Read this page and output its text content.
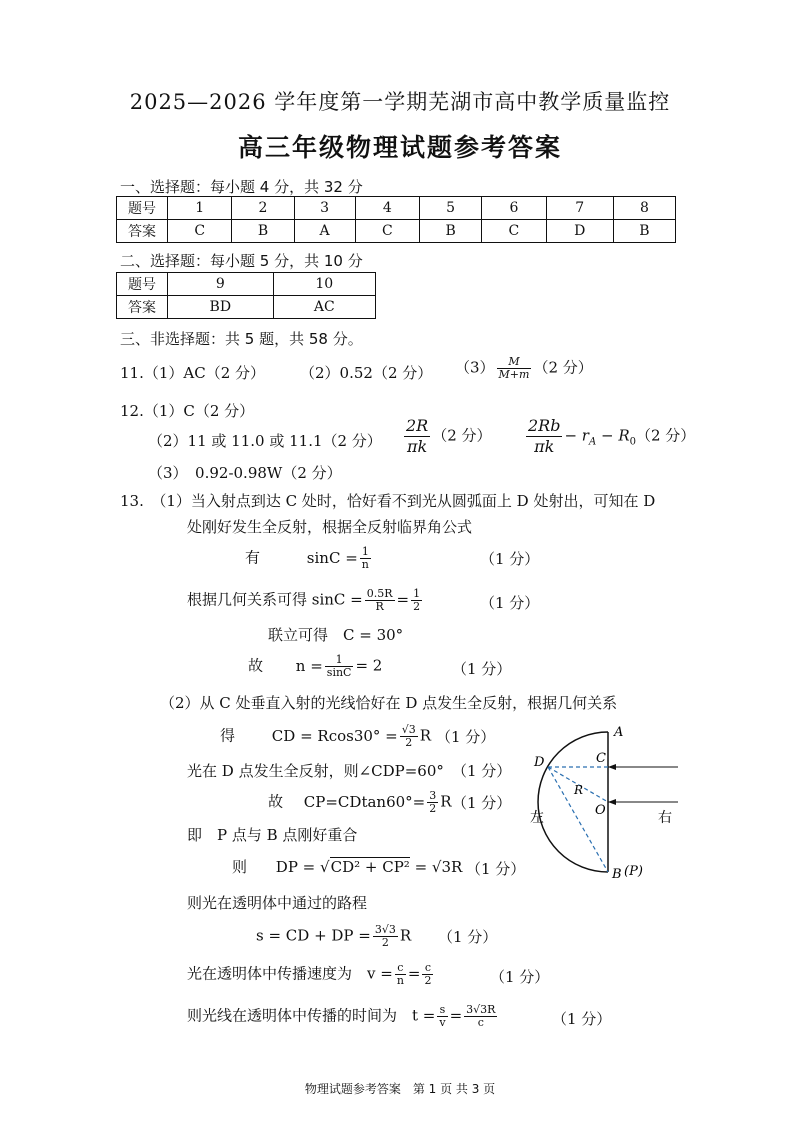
2025—2026 学年度第一学期芜湖市高中教学质量监控
高三年级物理试题参考答案
一、选择题：每小题 4 分，共 32 分
题号	1	2	3	4	5	6	7	8
答案	C	B	A	C	B	C	D	B
二、选择题：每小题 5 分，共 10 分
题号	9	10
答案	BD	AC
三、非选择题：共 5 题，共 58 分。
11.（1）AC（2 分） （2）0.52（2 分） $(3) \frac{M}{M+m} (2$ 分）
12.（1）C（2 分）
（2）11 或 11.0 或 11.1（2 分） $\frac{2R}{\pi k} (2$ 分） $\frac{2Rb}{\pi k} - r_A - R_0(2$ 分）
（3）　0.92-0.98W（2 分）
13.　（1）当入射点到达 C 处时，恰好看不到光从圆弧面上 D 处射出，可知在 D
处刚好发生全反射，根据全反射临界角公式
有	$\sin C = \frac{1}{n}$	（1 分）
根据几何关系可得 $\sin C = \frac{0.5R}{R} = \frac{1}{2}$	（1 分）
联立可得　C = 30°
故 $n = \frac{1}{\sin C} = 2$	（1 分）
（2）从 C 处垂直入射的光线恰好在 D 点发生全反射，根据几何关系
得 CD = $Rcos30^\circ = \frac{√3}{2}$ R （1 分）
光在 D 点发生全反射，则∠CDP=60° （1 分）
故 $CP=CDtan60^\circ= \frac{3}{2}$ R （1 分）
即　P 点与 B 点刚好重合
则 DP = √CD² + CP² = √3R （1 分）
则光在透明体中通过的路程
s = CD + DP = $\frac{3√3}{2}$ R （1 分）
光在透明体中传播速度为　$v = \frac{c}{n} = \frac{c}{2}$	（1 分）
则光线在透明体中传播的时间为　$t = \frac{s}{v} = \frac{3√3R}{c}$	（1 分）
A
C
D
R
O
B (P)
左	右
物理试题参考答案　第 1 页 共 3 页
